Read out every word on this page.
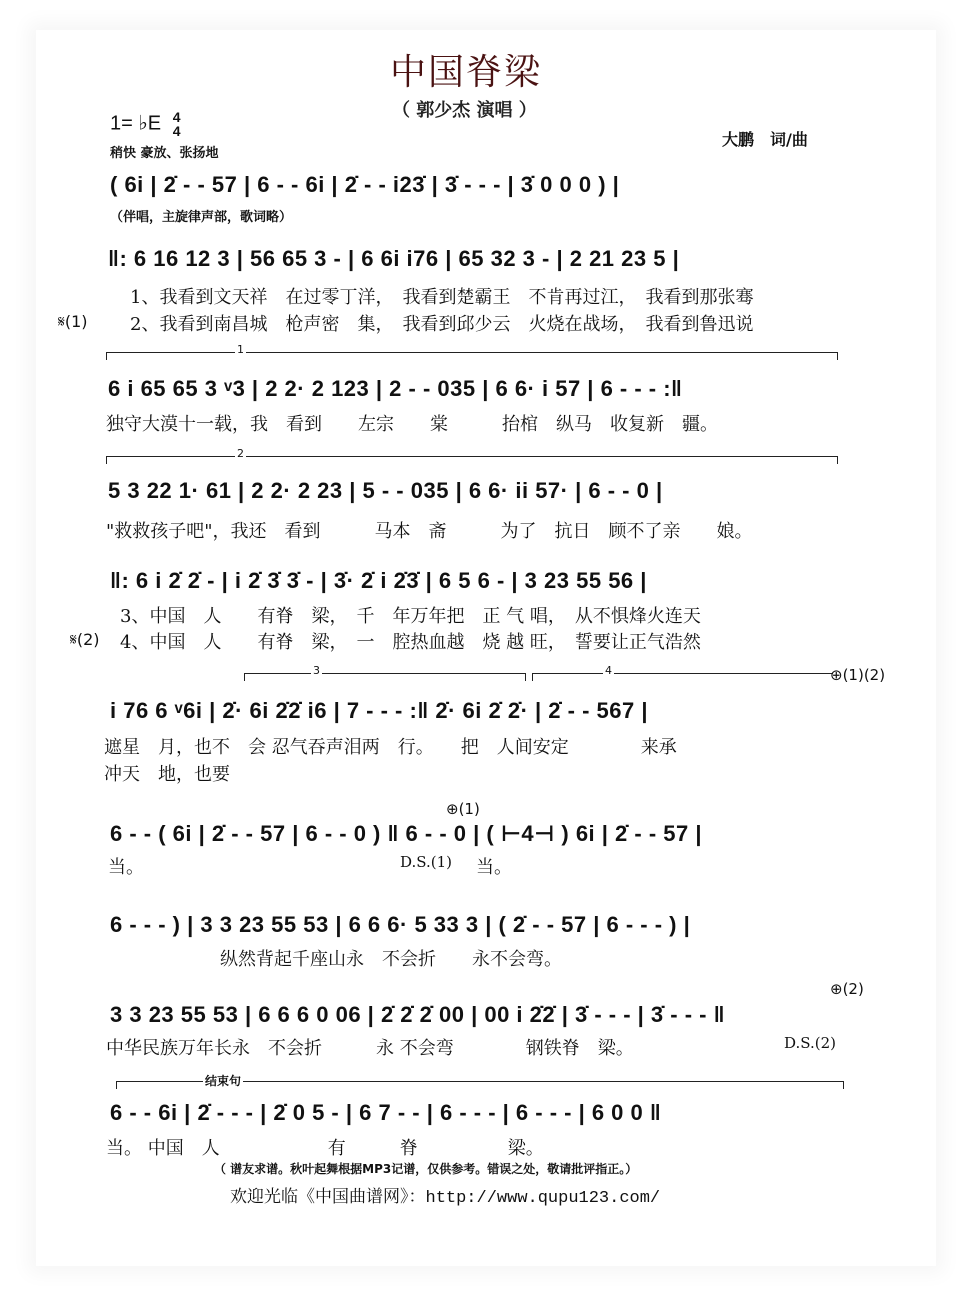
中国脊梁
（ 郭少杰 演唱 ）
1= ♭E 4
4
稍快 豪放、张扬地
大鹏　词/曲
( 6i | 2̇ - - 57 | 6 - - 6i | 2̇ - - i23̇ | 3̇ - - - | 3̇ 0 0 0 ) |
（伴唱，主旋律声部，歌词略）
‖: 6 16 12 3 | 56 65 3 - | 6 6i i76 | 65 32 3 - | 2 21 23 5 |
1、我看到文天祥　在过零丁洋，　我看到楚霸王　不肯再过江，　我看到那张骞
𝄋(1) 2、我看到南昌城　枪声密　集，　我看到邱少云　火烧在战场，　我看到鲁迅说
1
6 i 65 65 3 ᵛ3 | 2 2· 2 123 | 2 - - 035 | 6 6· i 57 | 6 - - - :‖
独守大漠十一载，我　看到　　左宗　　棠　　　抬棺　纵马　收复新　疆。
2
5 3 22 1· 61 | 2 2· 2 23 | 5 - - 035 | 6 6· ii 57· | 6 - - 0 |
"救救孩子吧"，我还　看到　　　马本　斋　　　为了　抗日　顾不了亲　　娘。
‖: 6 i 2̇ 2̇ - | i 2̇ 3̇ 3̇ - | 3̇· 2̇ i 2̇3̇ | 6 5 6 - | 3 23 55 56 |
3、中国　人　　有脊　梁，　千　年万年把　正 气 唱，　从不惧烽火连天
𝄋(2) 4、中国　人　　有脊　梁，　一　腔热血越　烧 越 旺，　誓要让正气浩然
3	4	⊕(1)(2)
i 76 6 ᵛ6i | 2̇· 6i 2̇2̇ i6 | 7 - - - :‖ 2̇· 6i 2̇ 2̇· | 2̇ - - 567 |
遮星　月，也不　会 忍气吞声泪两　行。　　把　人间安定　　　　来承
冲天　地，也要
⊕(1)
6 - - ( 6i | 2̇ - - 57 | 6 - - 0 ) ‖ 6 - - 0 | ( ⊢4⊣ ) 6i | 2̇ - - 57 |
当。	D.S.(1) 当。
6 - - - ) | 3 3 23 55 53 | 6 6 6· 5 33 3 | ( 2̇ - - 57 | 6 - - - ) |
纵然背起千座山永　不会折　　永不会弯。
⊕(2)
3 3 23 55 53 | 6 6 6 0 06 | 2̇ 2̇ 2̇ 00 | 00 i 2̇2̇ | 3̇ - - - | 3̇ - - - ‖
中华民族万年长永　不会折　　　永 不会弯　　　　钢铁脊　梁。	D.S.(2)
结束句
6 - - 6i | 2̇ - - - | 2̇ 0 5 - | 6 7 - - | 6 - - - | 6 - - - | 6 0 0 ‖
当。 中国　人　　　　　　有　　　脊　　　　　梁。
（ 谱友求谱。秋叶起舞根据MP3记谱，仅供参考。错误之处，敬请批评指正。）
欢迎光临《中国曲谱网》：http://www.qupu123.com/
